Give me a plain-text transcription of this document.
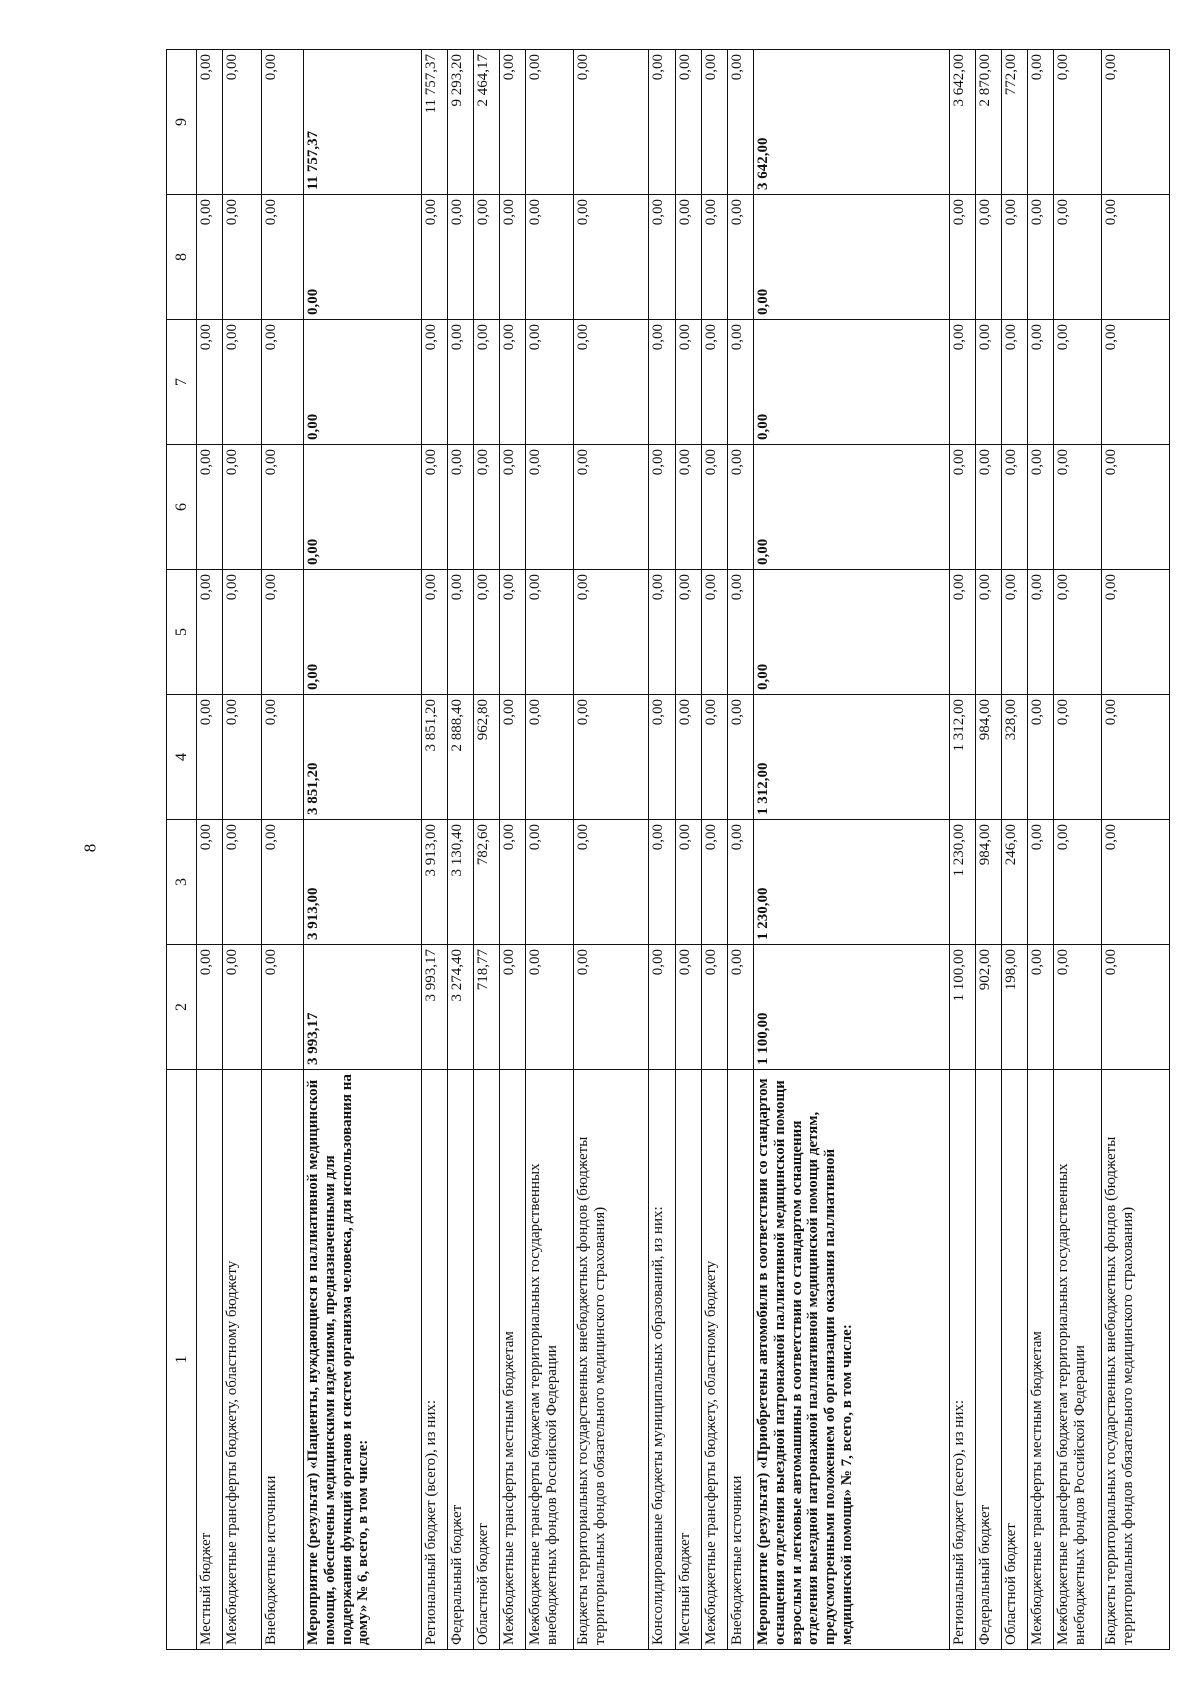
8
1	2	3	4	5	6	7	8	9
Местный бюджет	0,00	0,00	0,00	0,00	0,00	0,00	0,00	0,00
Межбюджетные трансферты бюджету, областному бюджету	0,00	0,00	0,00	0,00	0,00	0,00	0,00	0,00
Внебюджетные источники	0,00	0,00	0,00	0,00	0,00	0,00	0,00	0,00
Мероприятие (результат) «Пациенты, нуждающиеся в паллиативной медицинской помощи, обеспечены медицинскими изделиями, предназначенными для поддержания функций органов и систем организма человека, для использования на дому» № 6, всего, в том числе:	3 993,17	3 913,00	3 851,20	0,00	0,00	0,00	0,00	11 757,37
Региональный бюджет (всего), из них:	3 993,17	3 913,00	3 851,20	0,00	0,00	0,00	0,00	11 757,37
Федеральный бюджет	3 274,40	3 130,40	2 888,40	0,00	0,00	0,00	0,00	9 293,20
Областной бюджет	718,77	782,60	962,80	0,00	0,00	0,00	0,00	2 464,17
Межбюджетные трансферты местным бюджетам	0,00	0,00	0,00	0,00	0,00	0,00	0,00	0,00
Межбюджетные трансферты бюджетам территориальных государственных внебюджетных фондов Российской Федерации	0,00	0,00	0,00	0,00	0,00	0,00	0,00	0,00
Бюджеты территориальных государственных внебюджетных фондов (бюджеты территориальных фондов обязательного медицинского страхования)	0,00	0,00	0,00	0,00	0,00	0,00	0,00	0,00
Консолидированные бюджеты муниципальных образований, из них:	0,00	0,00	0,00	0,00	0,00	0,00	0,00	0,00
Местный бюджет	0,00	0,00	0,00	0,00	0,00	0,00	0,00	0,00
Межбюджетные трансферты бюджету, областному бюджету	0,00	0,00	0,00	0,00	0,00	0,00	0,00	0,00
Внебюджетные источники	0,00	0,00	0,00	0,00	0,00	0,00	0,00	0,00
Мероприятие (результат) «Приобретены автомобили в соответствии со стандартом оснащения отделения выездной патронажной паллиативной медицинской помощи взрослым и легковые автомашины в соответствии со стандартом оснащения отделения выездной патронажной паллиативной медицинской помощи детям, предусмотренными положением об организации оказания паллиативной медицинской помощи» № 7, всего, в том числе:	1 100,00	1 230,00	1 312,00	0,00	0,00	0,00	0,00	3 642,00
Региональный бюджет (всего), из них:	1 100,00	1 230,00	1 312,00	0,00	0,00	0,00	0,00	3 642,00
Федеральный бюджет	902,00	984,00	984,00	0,00	0,00	0,00	0,00	2 870,00
Областной бюджет	198,00	246,00	328,00	0,00	0,00	0,00	0,00	772,00
Межбюджетные трансферты местным бюджетам	0,00	0,00	0,00	0,00	0,00	0,00	0,00	0,00
Межбюджетные трансферты бюджетам территориальных государственных внебюджетных фондов Российской Федерации	0,00	0,00	0,00	0,00	0,00	0,00	0,00	0,00
Бюджеты территориальных государственных внебюджетных фондов (бюджеты территориальных фондов обязательного медицинского страхования)	0,00	0,00	0,00	0,00	0,00	0,00	0,00	0,00
